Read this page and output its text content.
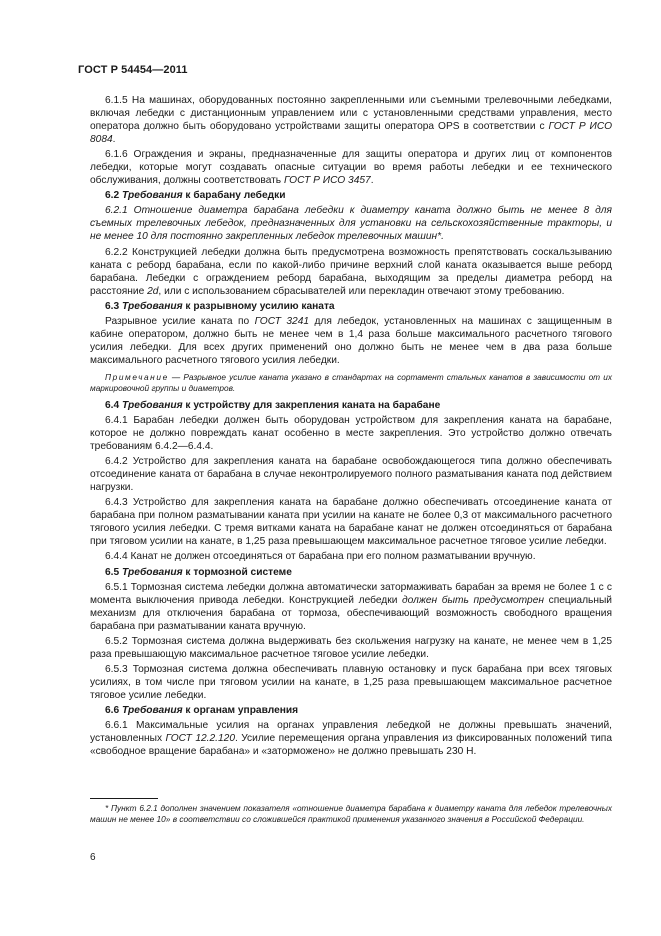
ГОСТ Р 54454—2011

6.1.5 На машинах, оборудованных постоянно закрепленными или съемными трелевочными лебедками, включая лебедки с дистанционным управлением или с установленными средствами управления, место оператора должно быть оборудовано устройствами защиты оператора OPS в соответствии с ГОСТ Р ИСО 8084.

6.1.6 Ограждения и экраны, предназначенные для защиты оператора и других лиц от компонентов лебедки, которые могут создавать опасные ситуации во время работы лебедки и ее технического обслуживания, должны соответствовать ГОСТ Р ИСО 3457.

6.2 Требования к барабану лебедки

6.2.1 Отношение диаметра барабана лебедки к диаметру каната должно быть не менее 8 для съемных трелевочных лебедок, предназначенных для установки на сельскохозяйственные тракторы, и не менее 10 для постоянно закрепленных лебедок трелевочных машин*.

6.2.2 Конструкцией лебедки должна быть предусмотрена возможность препятствовать соскальзыванию каната с реборд барабана, если по какой-либо причине верхний слой каната оказывается выше реборд барабана. Лебедки с ограждением реборд барабана, выходящим за пределы диаметра реборд на расстояние 2d, или с использованием сбрасывателей или перекладин отвечают этому требованию.

6.3 Требования к разрывному усилию каната

Разрывное усилие каната по ГОСТ 3241 для лебедок, установленных на машинах с защищенным в кабине оператором, должно быть не менее чем в 1,4 раза больше максимального расчетного тягового усилия лебедки. Для всех других применений оно должно быть не менее чем в два раза больше максимального расчетного тягового усилия лебедки.

Примечание — Разрывное усилие каната указано в стандартах на сортамент стальных канатов в зависимости от их маркировочной группы и диаметров.

6.4 Требования к устройству для закрепления каната на барабане

6.4.1 Барабан лебедки должен быть оборудован устройством для закрепления каната на барабане, которое не должно повреждать канат особенно в месте закрепления. Это устройство должно отвечать требованиям 6.4.2—6.4.4.

6.4.2 Устройство для закрепления каната на барабане освобождающегося типа должно обеспечивать отсоединение каната от барабана в случае неконтролируемого полного разматывания каната под действием нагрузки.

6.4.3 Устройство для закрепления каната на барабане должно обеспечивать отсоединение каната от барабана при полном разматывании каната при усилии на канате не более 0,3 от максимального расчетного тягового усилия лебедки. С тремя витками каната на барабане канат не должен отсоединяться от барабана при тяговом усилии на канате, в 1,25 раза превышающем максимальное расчетное тяговое усилие лебедки.

6.4.4 Канат не должен отсоединяться от барабана при его полном разматывании вручную.

6.5 Требования к тормозной системе

6.5.1 Тормозная система лебедки должна автоматически затормаживать барабан за время не более 1 с с момента выключения привода лебедки. Конструкцией лебедки должен быть предусмотрен специальный механизм для отключения барабана от тормоза, обеспечивающий возможность свободного вращения барабана при разматывании каната вручную.

6.5.2 Тормозная система должна выдерживать без скольжения нагрузку на канате, не менее чем в 1,25 раза превышающую максимальное расчетное тяговое усилие лебедки.

6.5.3 Тормозная система должна обеспечивать плавную остановку и пуск барабана при всех тяговых усилиях, в том числе при тяговом усилии на канате, в 1,25 раза превышающем максимальное расчетное тяговое усилие лебедки.

6.6 Требования к органам управления

6.6.1 Максимальные усилия на органах управления лебедкой не должны превышать значений, установленных ГОСТ 12.2.120. Усилие перемещения органа управления из фиксированных положений типа «свободное вращение барабана» и «заторможено» не должно превышать 230 Н.

* Пункт 6.2.1 дополнен значением показателя «отношение диаметра барабана к диаметру каната для лебедок трелевочных машин не менее 10» в соответствии со сложившейся практикой применения указанного значения в Российской Федерации.
6
